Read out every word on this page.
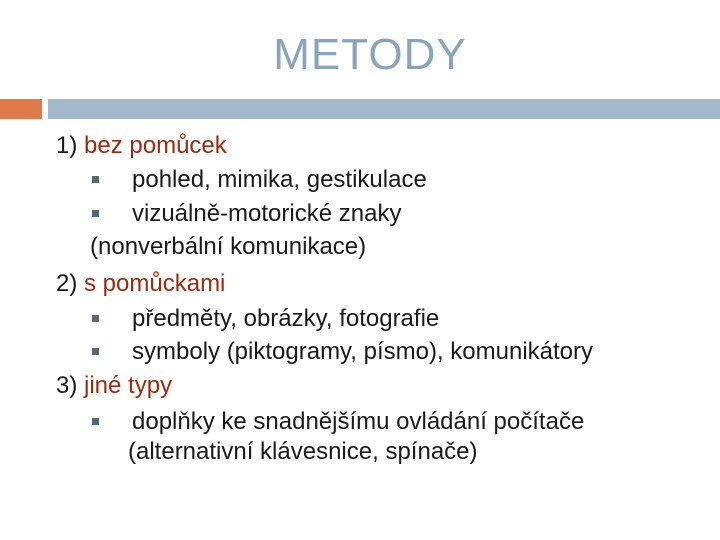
METODY
1) bez pomůcek
pohled, mimika, gestikulace
vizuálně-motorické znaky
(nonverbální komunikace)
2) s pomůckami
předměty, obrázky, fotografie
symboly (piktogramy, písmo), komunikátory
3) jiné typy
doplňky ke snadnějšímu ovládání počítače
(alternativní klávesnice, spínače)
